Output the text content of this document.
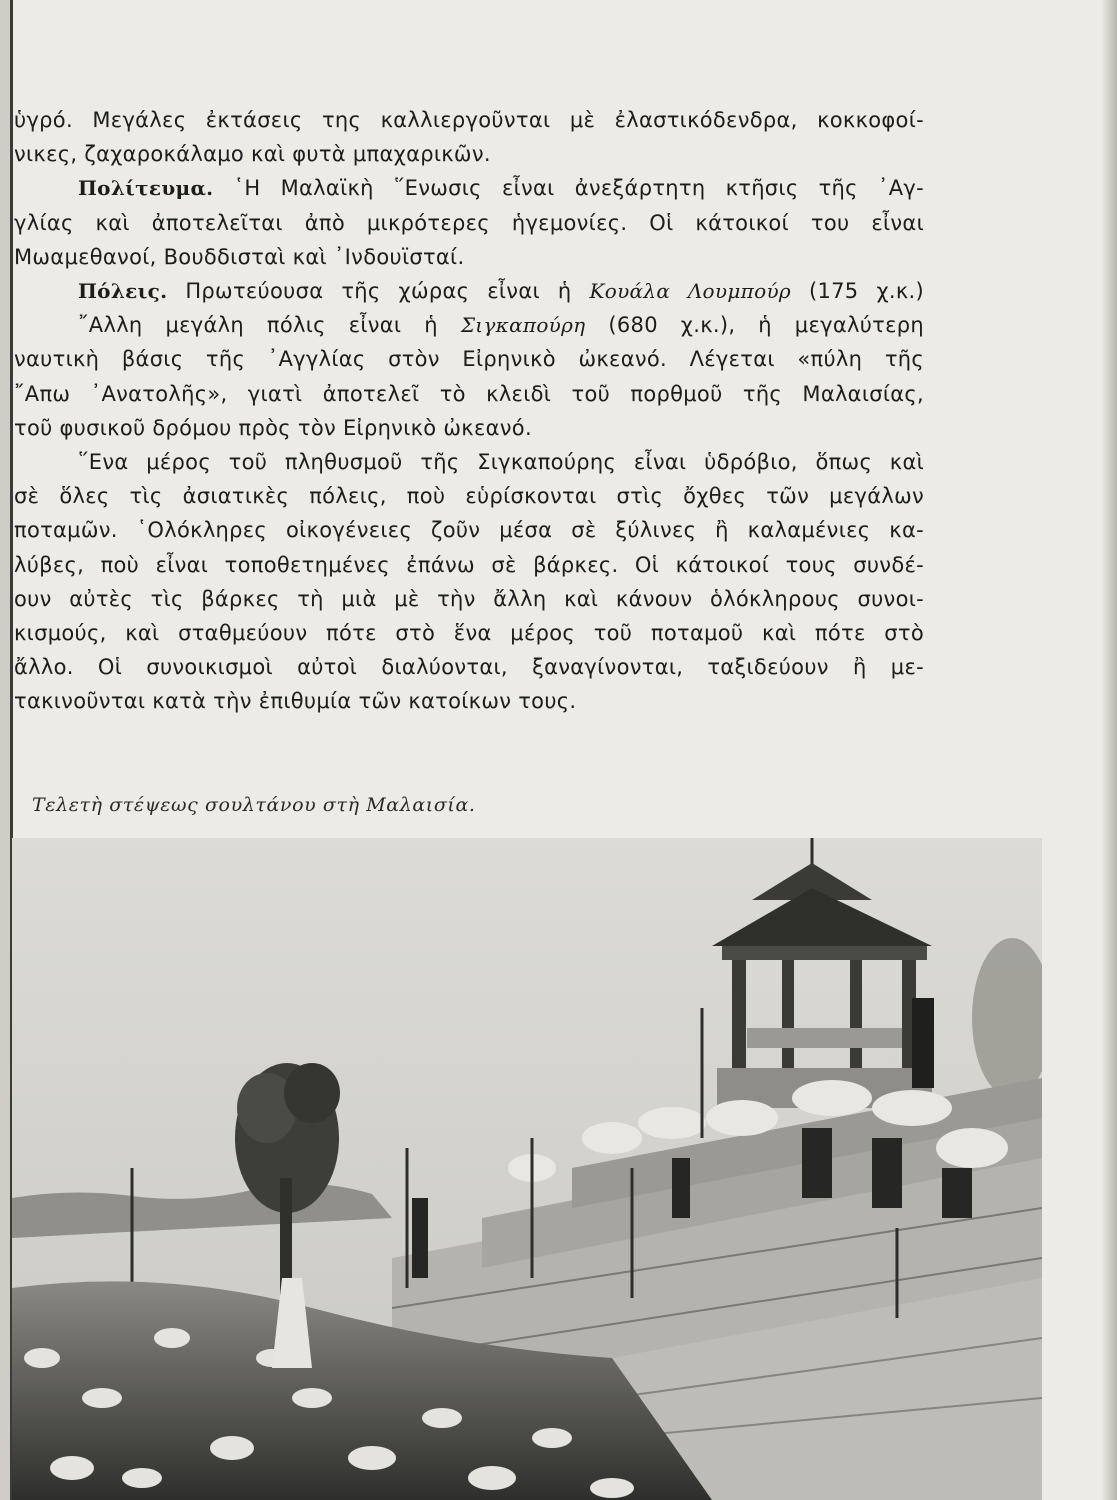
ὑγρό. Μεγάλες ἐκτάσεις της καλλιεργοῦνται μὲ ἐλαστικόδενδρα, κοκκοφοί-
νικες, ζαχαροκάλαμο καὶ φυτὰ μπαχαρικῶν.

Πολίτευμα. ῾Η Μαλαϊκὴ ῞Ενωσις εἶναι ἀνεξάρτητη κτῆσις τῆς ᾿Αγ-
γλίας καὶ ἀποτελεῖται ἀπὸ μικρότερες ἡγεμονίες. Οἱ κάτοικοί του εἶναι
Μωαμεθανοί, Βουδδισταὶ καὶ ᾿Ινδουϊσταί.

Πόλεις. Πρωτεύουσα τῆς χώρας εἶναι ἡ Κουάλα Λουμπούρ (175 χ.κ.)

῎Αλλη μεγάλη πόλις εἶναι ἡ Σιγκαπούρη (680 χ.κ.), ἡ μεγαλύτερη
ναυτικὴ βάσις τῆς ᾿Αγγλίας στὸν Εἰρηνικὸ ὠκεανό. Λέγεται «πύλη τῆς
῎Απω ᾿Ανατολῆς», γιατὶ ἀποτελεῖ τὸ κλειδὶ τοῦ πορθμοῦ τῆς Μαλαισίας,
τοῦ φυσικοῦ δρόμου πρὸς τὸν Εἰρηνικὸ ὠκεανό.

῞Ενα μέρος τοῦ πληθυσμοῦ τῆς Σιγκαπούρης εἶναι ὑδρόβιο, ὅπως καὶ
σὲ ὅλες τὶς ἀσιατικὲς πόλεις, ποὺ εὑρίσκονται στὶς ὄχθες τῶν μεγάλων
ποταμῶν. ῾Ολόκληρες οἰκογένειες ζοῦν μέσα σὲ ξύλινες ἢ καλαμένιες κα-
λύβες, ποὺ εἶναι τοποθετημένες ἐπάνω σὲ βάρκες. Οἱ κάτοικοί τους συνδέ-
ουν αὐτὲς τὶς βάρκες τὴ μιὰ μὲ τὴν ἄλλη καὶ κάνουν ὁλόκληρους συνοι-
κισμούς, καὶ σταθμεύουν πότε στὸ ἕνα μέρος τοῦ ποταμοῦ καὶ πότε στὸ
ἄλλο. Οἱ συνοικισμοὶ αὐτοὶ διαλύονται, ξαναγίνονται, ταξιδεύουν ἢ με-
τακινοῦνται κατὰ τὴν ἐπιθυμία τῶν κατοίκων τους.

Τελετὴ στέψεως σουλτάνου στὴ Μαλαισία.
